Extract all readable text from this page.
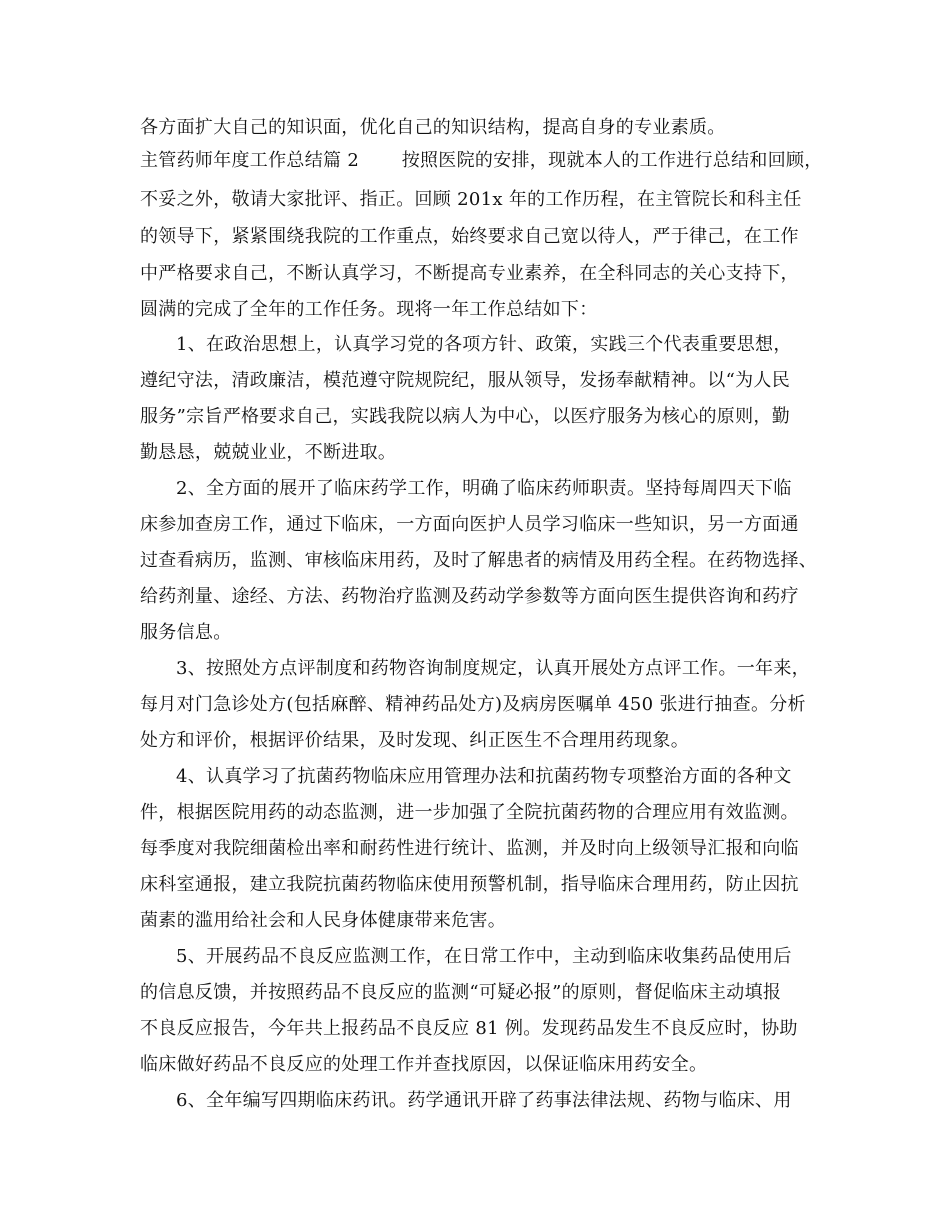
各方面扩大自己的知识面，优化自己的知识结构，提高自身的专业素质。
主管药师年度工作总结篇 2 　　按照医院的安排，现就本人的工作进行总结和回顾，
不妥之外，敬请大家批评、指正。回顾 201x 年的工作历程，在主管院长和科主任
的领导下，紧紧围绕我院的工作重点，始终要求自己宽以待人，严于律己，在工作
中严格要求自己，不断认真学习，不断提高专业素养，在全科同志的关心支持下，
圆满的完成了全年的工作任务。现将一年工作总结如下：
1、在政治思想上，认真学习党的各项方针、政策，实践三个代表重要思想，
遵纪守法，清政廉洁，模范遵守院规院纪，服从领导，发扬奉献精神。以“为人民
服务”宗旨严格要求自己，实践我院以病人为中心，以医疗服务为核心的原则，勤
勤恳恳，兢兢业业，不断进取。
2、全方面的展开了临床药学工作，明确了临床药师职责。坚持每周四天下临
床参加查房工作，通过下临床，一方面向医护人员学习临床一些知识，另一方面通
过查看病历，监测、审核临床用药，及时了解患者的病情及用药全程。在药物选择、
给药剂量、途经、方法、药物治疗监测及药动学参数等方面向医生提供咨询和药疗
服务信息。
3、按照处方点评制度和药物咨询制度规定，认真开展处方点评工作。一年来，
每月对门急诊处方(包括麻醉、精神药品处方)及病房医嘱单 450 张进行抽查。分析
处方和评价，根据评价结果，及时发现、纠正医生不合理用药现象。
4、认真学习了抗菌药物临床应用管理办法和抗菌药物专项整治方面的各种文
件，根据医院用药的动态监测，进一步加强了全院抗菌药物的合理应用有效监测。
每季度对我院细菌检出率和耐药性进行统计、监测，并及时向上级领导汇报和向临
床科室通报，建立我院抗菌药物临床使用预警机制，指导临床合理用药，防止因抗
菌素的滥用给社会和人民身体健康带来危害。
5、开展药品不良反应监测工作，在日常工作中，主动到临床收集药品使用后
的信息反馈，并按照药品不良反应的监测“可疑必报”的原则，督促临床主动填报
不良反应报告，今年共上报药品不良反应 81 例。发现药品发生不良反应时，协助
临床做好药品不良反应的处理工作并查找原因，以保证临床用药安全。
6、全年编写四期临床药讯。药学通讯开辟了药事法律法规、药物与临床、用
